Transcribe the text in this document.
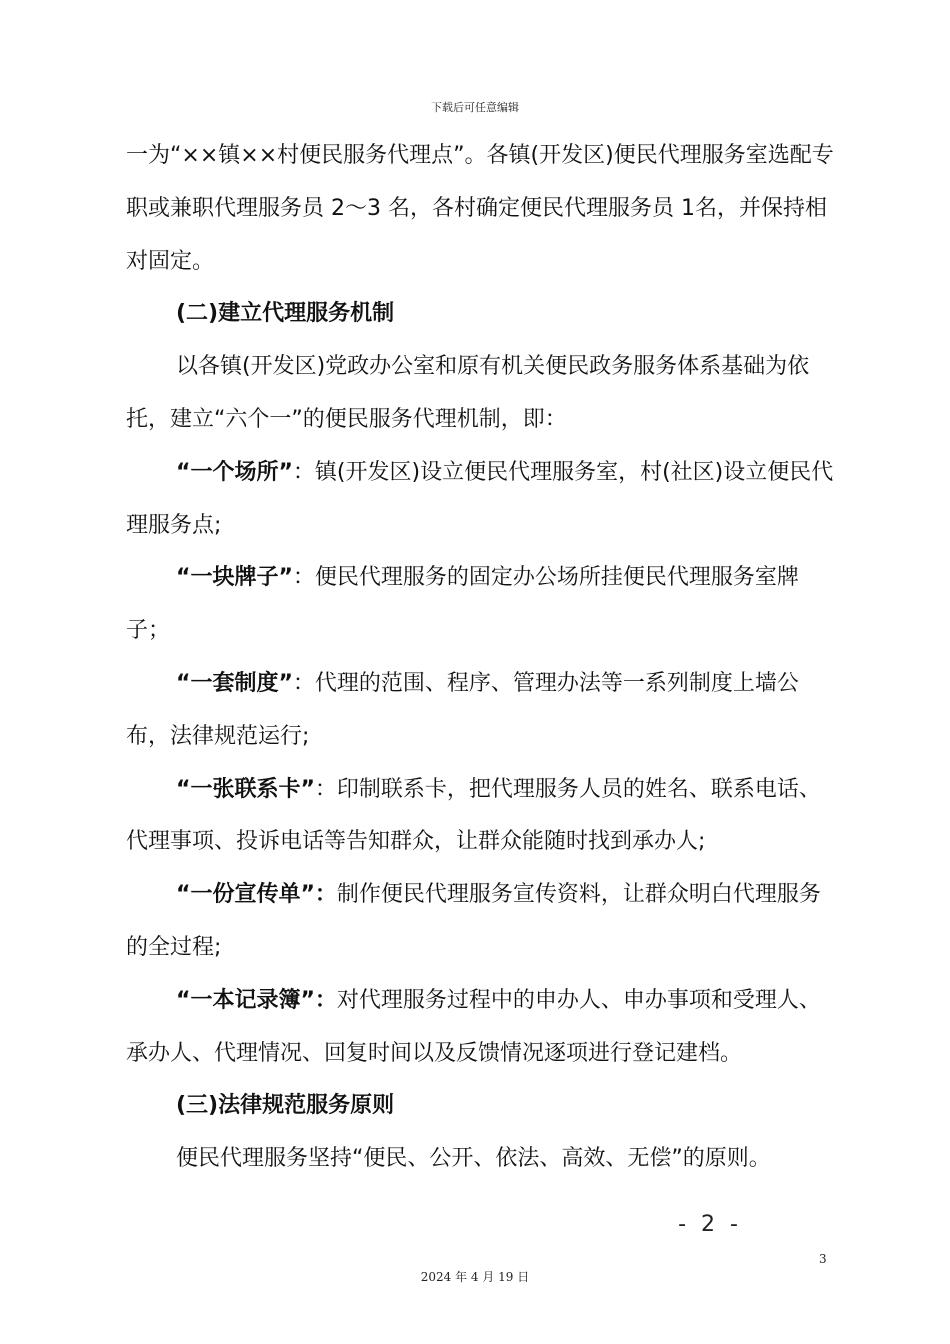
下载后可任意编辑

一为“××镇××村便民服务代理点”。各镇(开发区)便民代理服务室选配专职或兼职代理服务员 2～3 名，各村确定便民代理服务员 1名，并保持相对固定。

(二)建立代理服务机制

以各镇(开发区)党政办公室和原有机关便民政务服务体系基础为依托，建立“六个一”的便民服务代理机制，即：

“一个场所”：镇(开发区)设立便民代理服务室，村(社区)设立便民代理服务点;

“一块牌子”：便民代理服务的固定办公场所挂便民代理服务室牌子；

“一套制度”：代理的范围、程序、管理办法等一系列制度上墙公布，法律规范运行;

“一张联系卡”：印制联系卡，把代理服务人员的姓名、联系电话、代理事项、投诉电话等告知群众，让群众能随时找到承办人;

“一份宣传单”：制作便民代理服务宣传资料，让群众明白代理服务的全过程;

“一本记录簿”：对代理服务过程中的申办人、申办事项和受理人、承办人、代理情况、回复时间以及反馈情况逐项进行登记建档。

(三)法律规范服务原则

便民代理服务坚持“便民、公开、依法、高效、无偿”的原则。

- 2 -
3
2024 年 4 月 19 日
